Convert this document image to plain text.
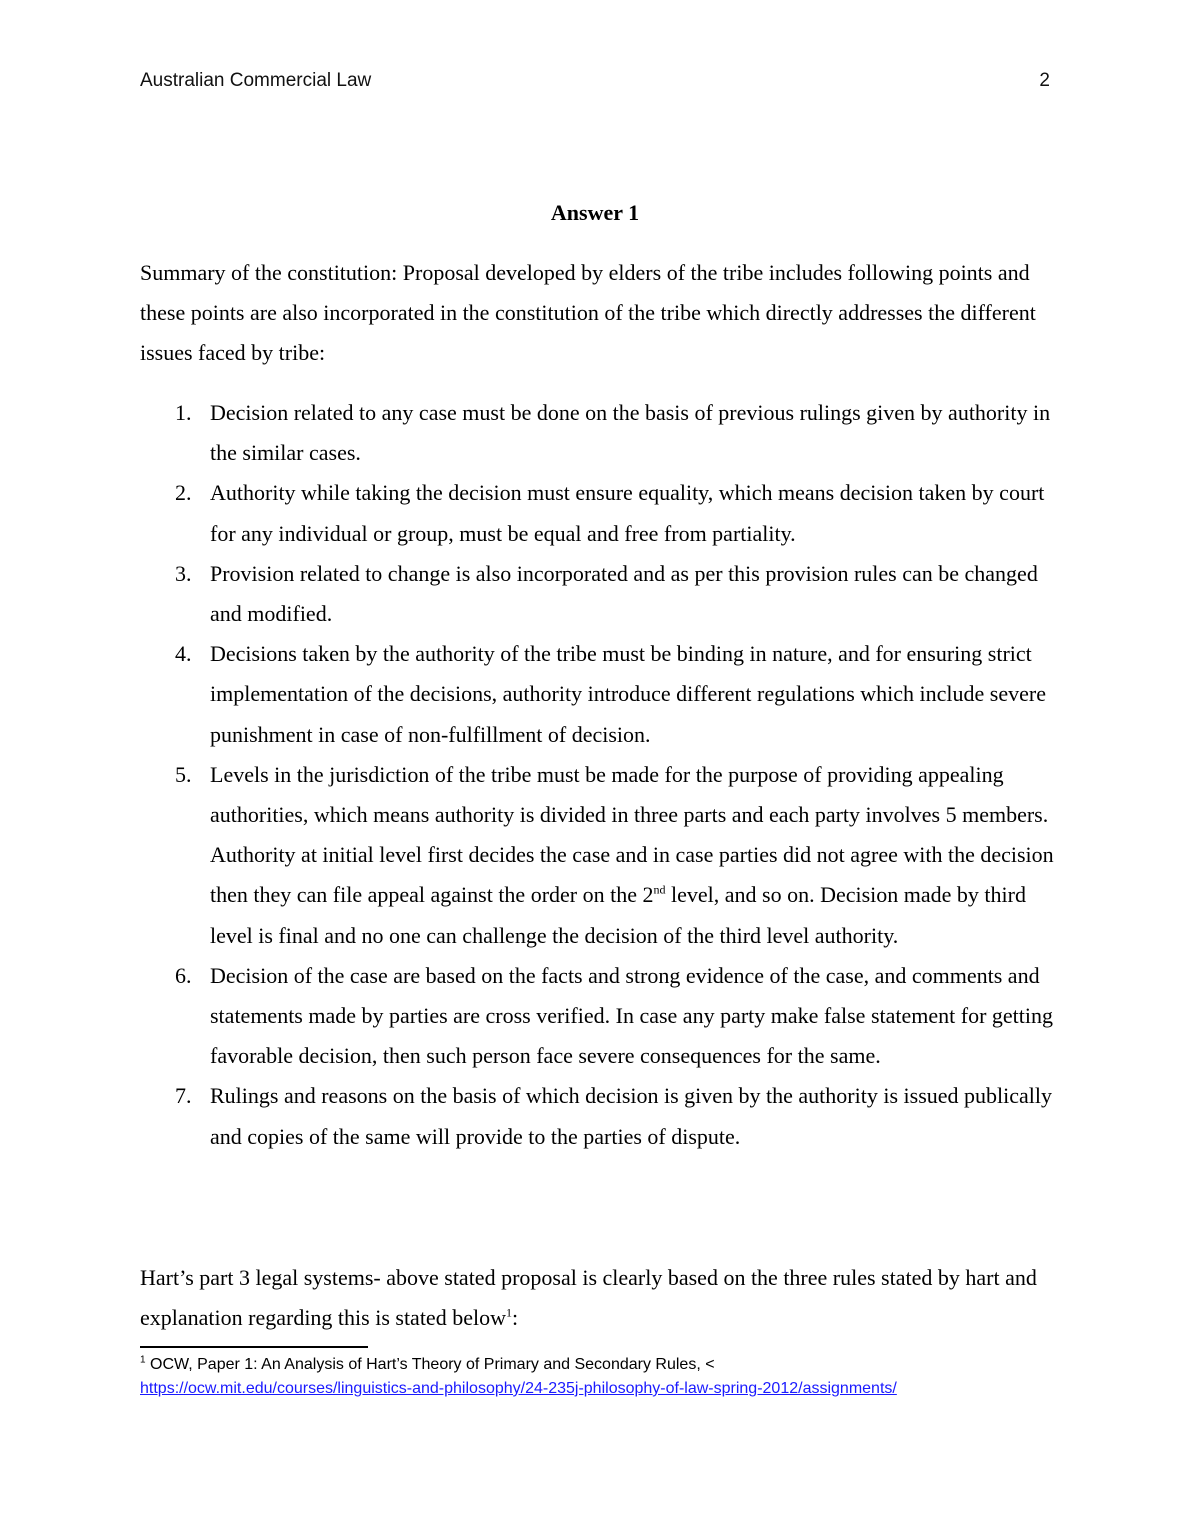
Australian Commercial Law	2
Answer 1
Summary of the constitution: Proposal developed by elders of the tribe includes following points and these points are also incorporated in the constitution of the tribe which directly addresses the different issues faced by tribe:
1. Decision related to any case must be done on the basis of previous rulings given by authority in the similar cases.
2. Authority while taking the decision must ensure equality, which means decision taken by court for any individual or group, must be equal and free from partiality.
3. Provision related to change is also incorporated and as per this provision rules can be changed and modified.
4. Decisions taken by the authority of the tribe must be binding in nature, and for ensuring strict implementation of the decisions, authority introduce different regulations which include severe punishment in case of non-fulfillment of decision.
5. Levels in the jurisdiction of the tribe must be made for the purpose of providing appealing authorities, which means authority is divided in three parts and each party involves 5 members. Authority at initial level first decides the case and in case parties did not agree with the decision then they can file appeal against the order on the 2nd level, and so on. Decision made by third level is final and no one can challenge the decision of the third level authority.
6. Decision of the case are based on the facts and strong evidence of the case, and comments and statements made by parties are cross verified. In case any party make false statement for getting favorable decision, then such person face severe consequences for the same.
7. Rulings and reasons on the basis of which decision is given by the authority is issued publically and copies of the same will provide to the parties of dispute.
Hart’s part 3 legal systems- above stated proposal is clearly based on the three rules stated by hart and explanation regarding this is stated below$^1$:
$^1$ OCW, Paper 1: An Analysis of Hart’s Theory of Primary and Secondary Rules, <
https://ocw.mit.edu/courses/linguistics-and-philosophy/24-235j-philosophy-of-law-spring-2012/assignments/
